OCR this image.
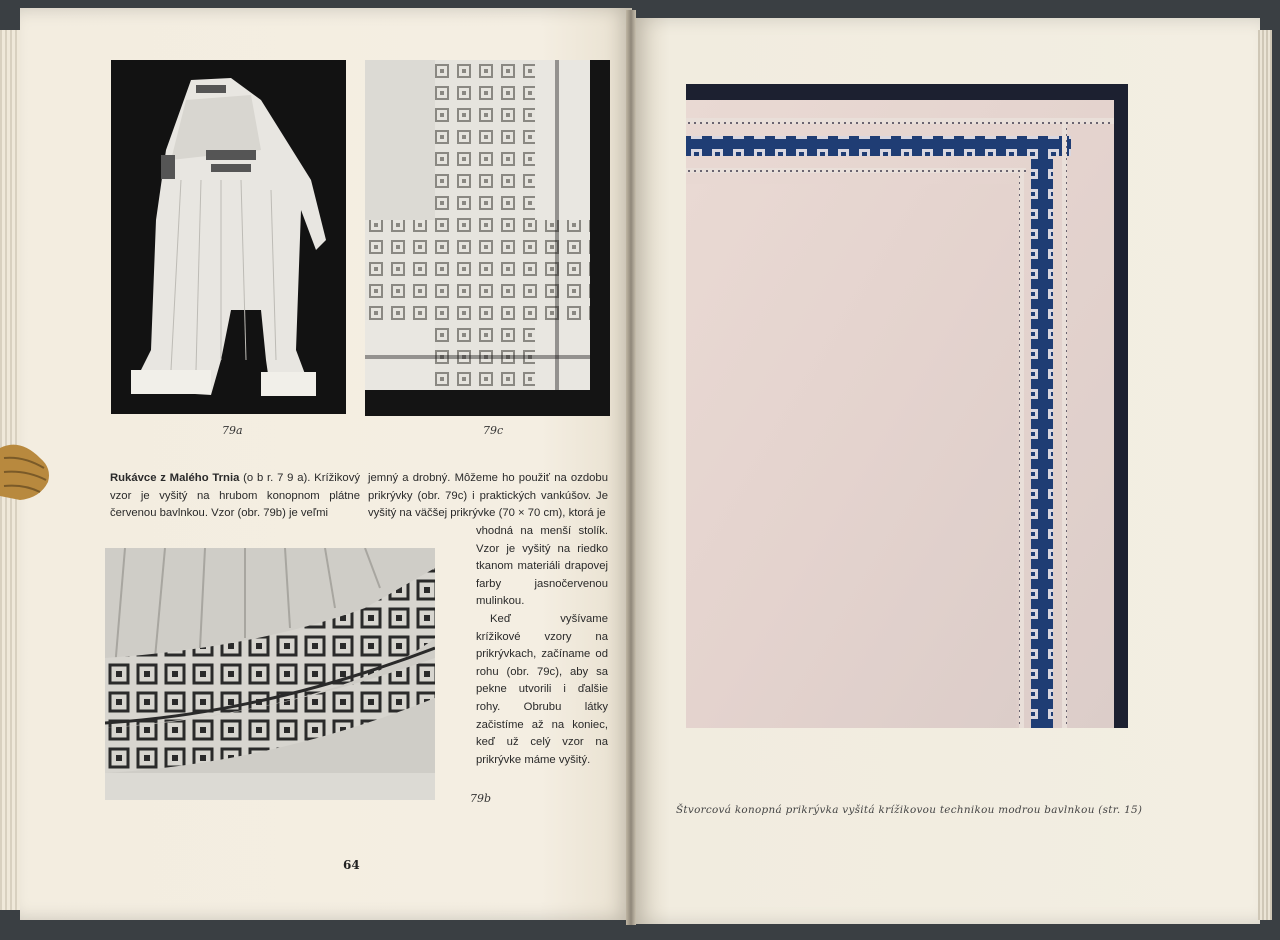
79a	79c

Rukávce z Malého Trnia (o b r. 7 9 a). Krížikový vzor je vyšitý na hrubom konopnom plátne červenou bavlnkou. Vzor (obr. 79b) je veľmi

jemný a drobný. Môžeme ho použiť na ozdobu prikrývky (obr. 79c) i praktických vankúšov. Je vyšitý na väčšej prikrývke (70 × 70 cm), ktorá je

vhodná na menší stolík. Vzor je vyšitý na riedko tkanom materiáli drapovej farby jasnočervenou mulinkou.

Keď vyšívame krížikové vzory na prikrývkach, začíname od rohu (obr. 79c), aby sa pekne utvorili i ďalšie rohy. Obrubu látky začistíme až na koniec, keď už celý vzor na prikrývke máme vyšitý.

79b
64
Štvorcová konopná prikrývka vyšitá krížikovou technikou modrou bavlnkou (str. 15)
